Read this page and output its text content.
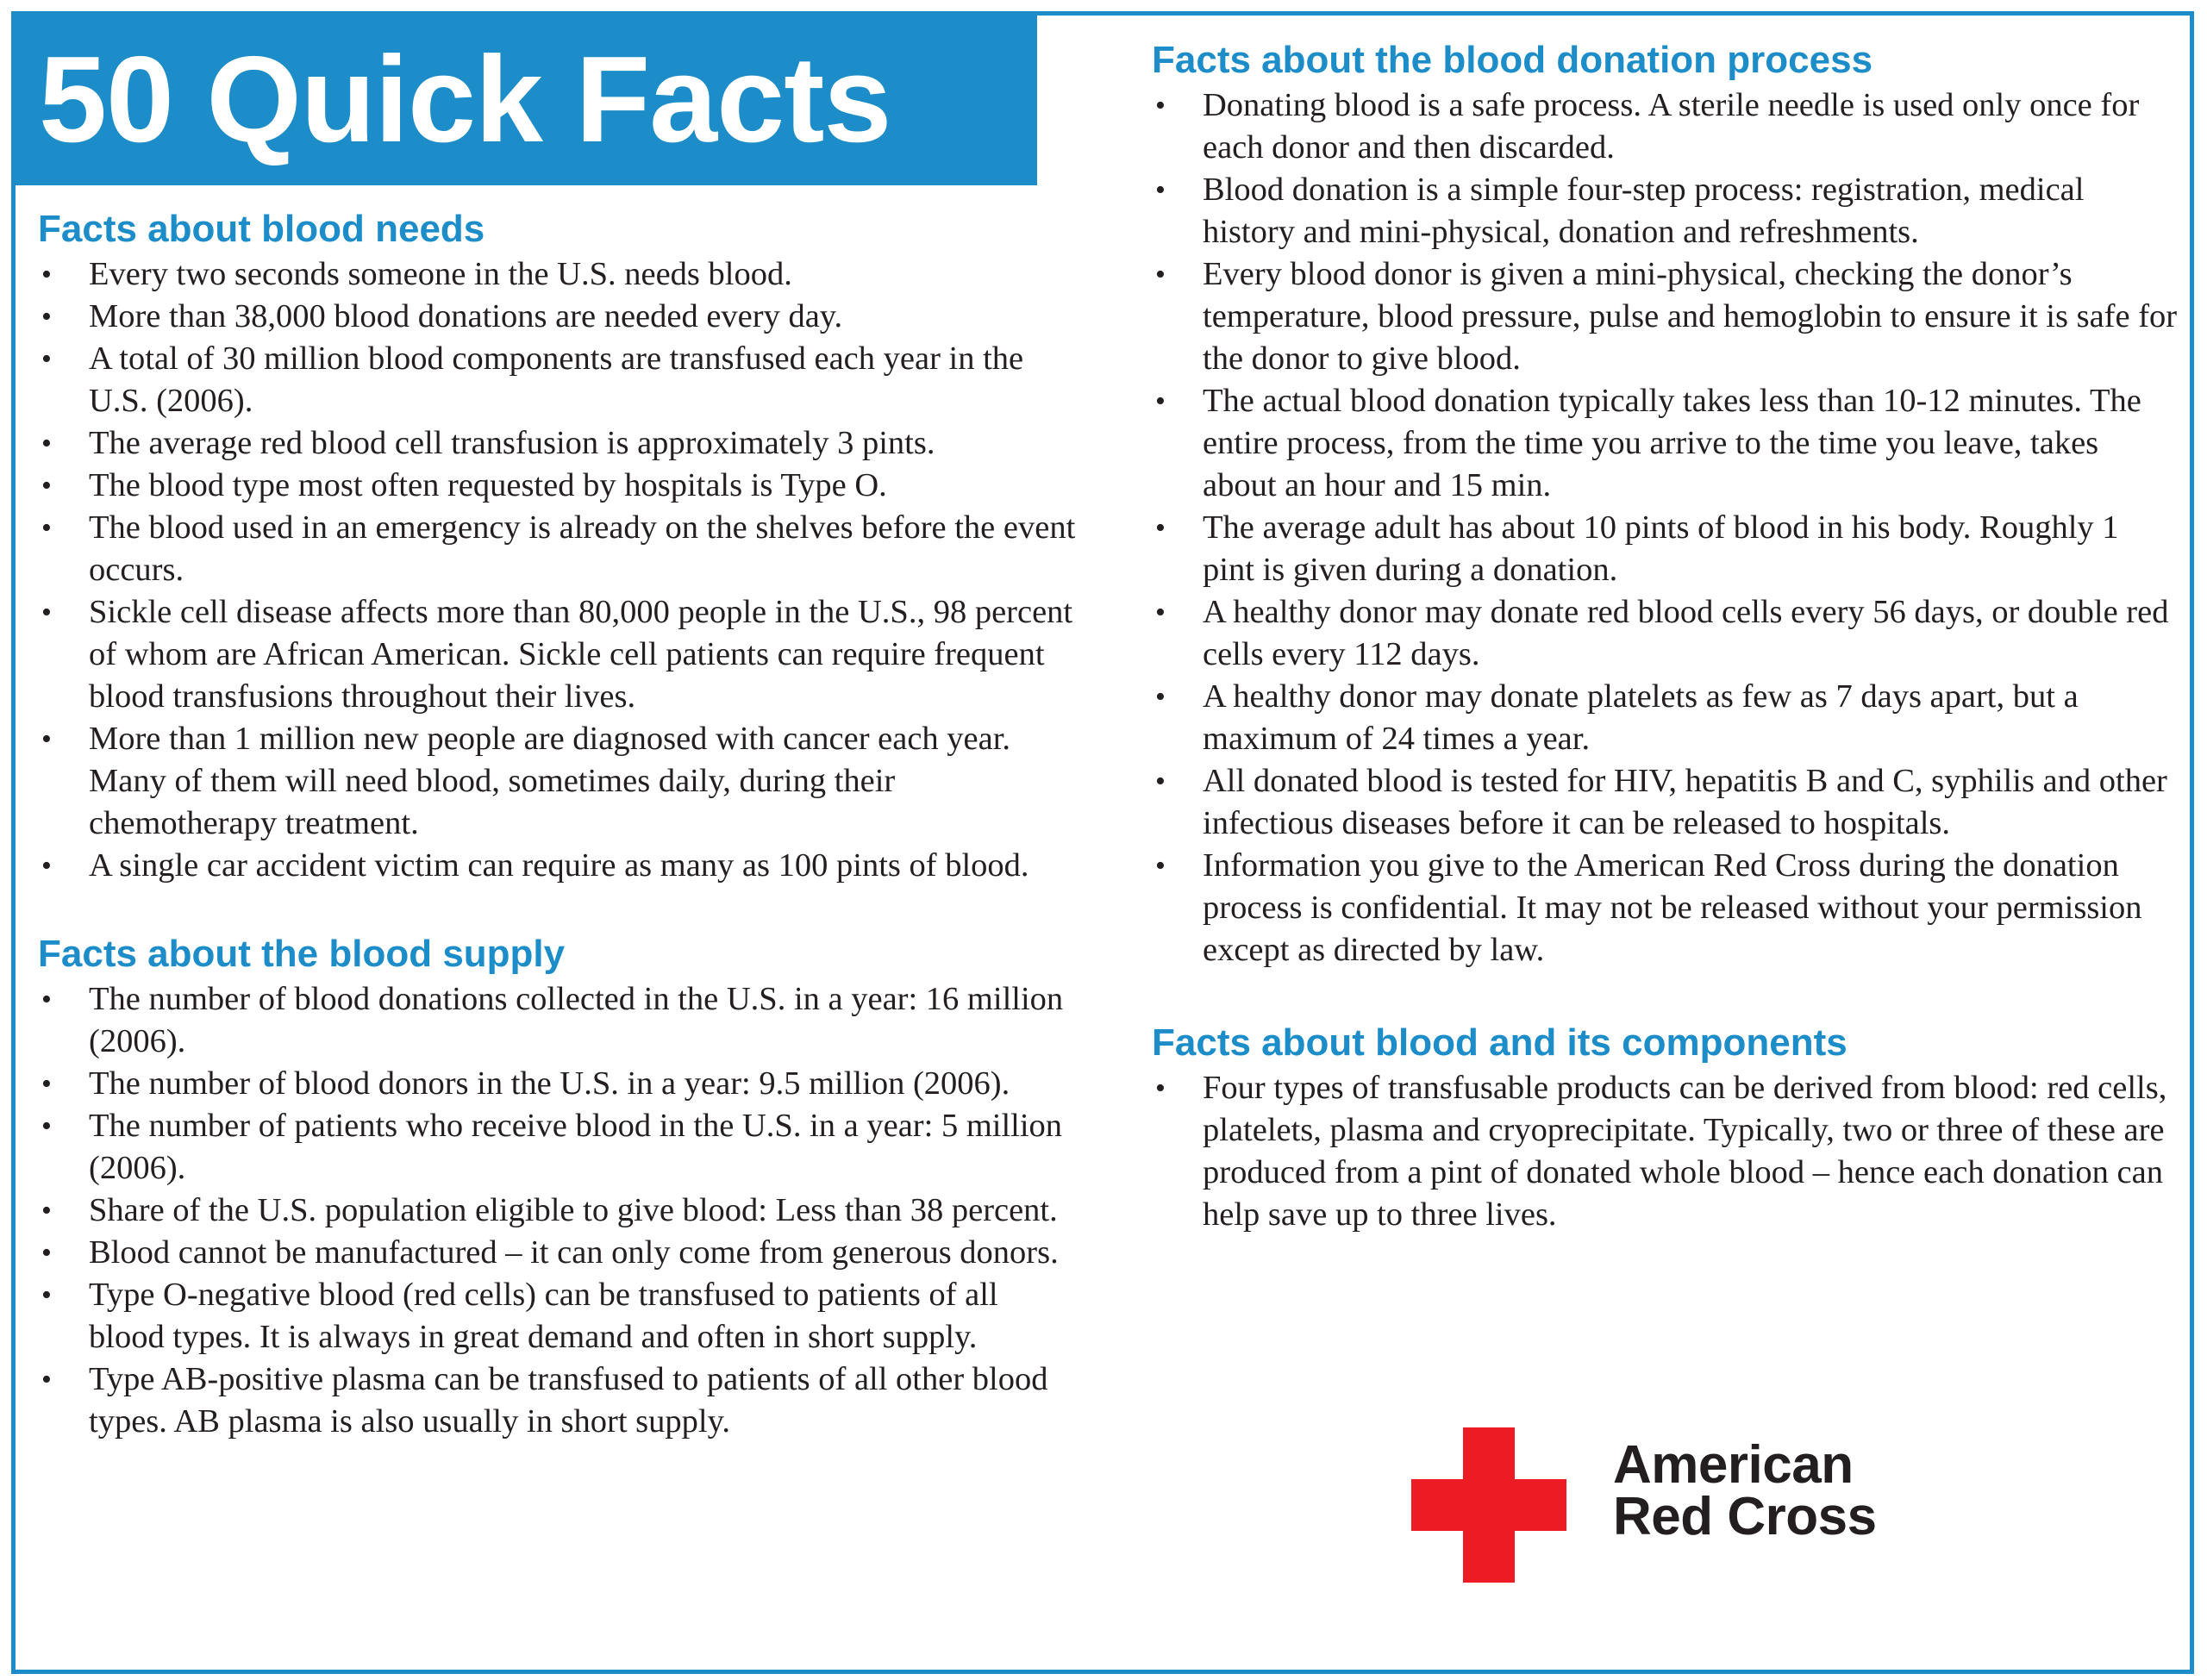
50 Quick Facts
Facts about blood needs
• Every two seconds someone in the U.S. needs blood.
• More than 38,000 blood donations are needed every day.
• A total of 30 million blood components are transfused each year in the U.S. (2006).
• The average red blood cell transfusion is approximately 3 pints.
• The blood type most often requested by hospitals is Type O.
• The blood used in an emergency is already on the shelves before the event occurs.
• Sickle cell disease affects more than 80,000 people in the U.S., 98 percent of whom are African American. Sickle cell patients can require frequent blood transfusions throughout their lives.
• More than 1 million new people are diagnosed with cancer each year. Many of them will need blood, sometimes daily, during their chemotherapy treatment.
• A single car accident victim can require as many as 100 pints of blood.
Facts about the blood supply
• The number of blood donations collected in the U.S. in a year: 16 million (2006).
• The number of blood donors in the U.S. in a year: 9.5 million (2006).
• The number of patients who receive blood in the U.S. in a year: 5 million (2006).
• Share of the U.S. population eligible to give blood: Less than 38 percent.
• Blood cannot be manufactured – it can only come from generous donors.
• Type O-negative blood (red cells) can be transfused to patients of all blood types. It is always in great demand and often in short supply.
• Type AB-positive plasma can be transfused to patients of all other blood types. AB plasma is also usually in short supply.
Facts about the blood donation process
• Donating blood is a safe process. A sterile needle is used only once for each donor and then discarded.
• Blood donation is a simple four-step process: registration, medical history and mini-physical, donation and refreshments.
• Every blood donor is given a mini-physical, checking the donor’s temperature, blood pressure, pulse and hemoglobin to ensure it is safe for the donor to give blood.
• The actual blood donation typically takes less than 10-12 minutes. The entire process, from the time you arrive to the time you leave, takes about an hour and 15 min.
• The average adult has about 10 pints of blood in his body. Roughly 1 pint is given during a donation.
• A healthy donor may donate red blood cells every 56 days, or double red cells every 112 days.
• A healthy donor may donate platelets as few as 7 days apart, but a maximum of 24 times a year.
• All donated blood is tested for HIV, hepatitis B and C, syphilis and other infectious diseases before it can be released to hospitals.
• Information you give to the American Red Cross during the donation process is confidential. It may not be released without your permission except as directed by law.
Facts about blood and its components
• Four types of transfusable products can be derived from blood: red cells, platelets, plasma and cryoprecipitate. Typically, two or three of these are produced from a pint of donated whole blood – hence each donation can help save up to three lives.
American
Red Cross
